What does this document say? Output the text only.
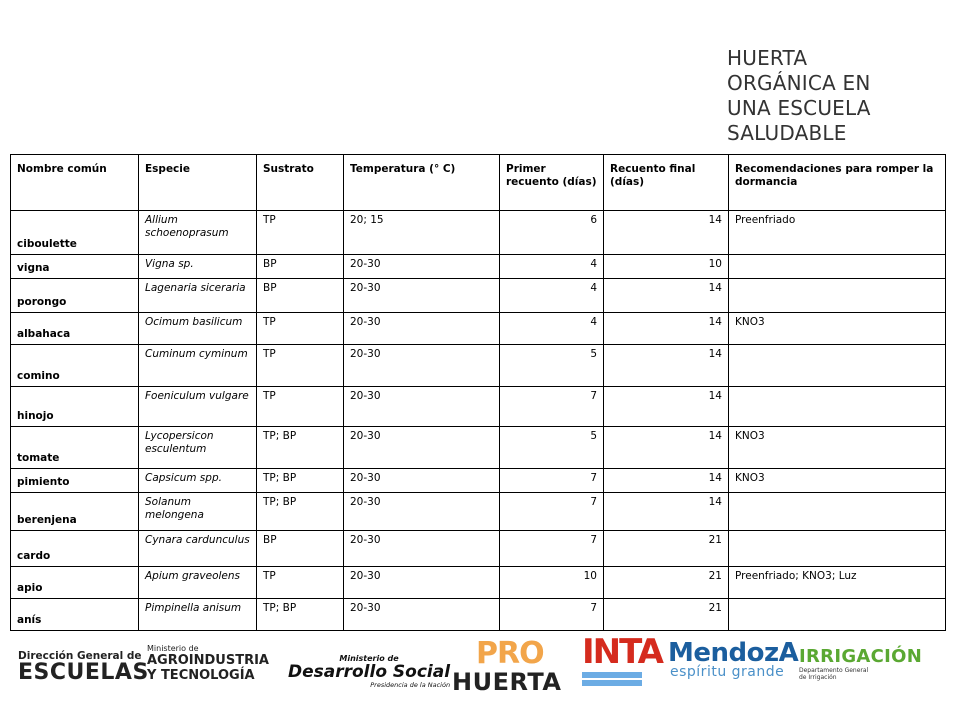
HUERTA
ORGÁNICA EN
UNA ESCUELA
SALUDABLE
Nombre común	Especie	Sustrato	Temperatura (° C)	Primer recuento (días)	Recuento final (días)	Recomendaciones para romper la dormancia
ciboulette	Allium schoenoprasum	TP	20; 15	6	14	Preenfriado
vigna	Vigna sp.	BP	20-30	4	10	
porongo	Lagenaria siceraria	BP	20-30	4	14	
albahaca	Ocimum basilicum	TP	20-30	4	14	KNO3
comino	Cuminum cyminum	TP	20-30	5	14	
hinojo	Foeniculum vulgare	TP	20-30	7	14	
tomate	Lycopersicon esculentum	TP; BP	20-30	5	14	KNO3
pimiento	Capsicum spp.	TP; BP	20-30	7	14	KNO3
berenjena	Solanum melongena	TP; BP	20-30	7	14	
cardo	Cynara cardunculus	BP	20-30	7	21	
apio	Apium graveolens	TP	20-30	10	21	Preenfriado; KNO3; Luz
anís	Pimpinella anisum	TP; BP	20-30	7	21	
Dirección General de
ESCUELAS
Ministerio de
AGROINDUSTRIA
Y TECNOLOGÍA
Ministerio de
Desarrollo Social
Presidencia de la Nación
PRO
HUERTA
INTA MendozA
espíritu grande
IRRIGACIÓN
Departamento General
de Irrigación
